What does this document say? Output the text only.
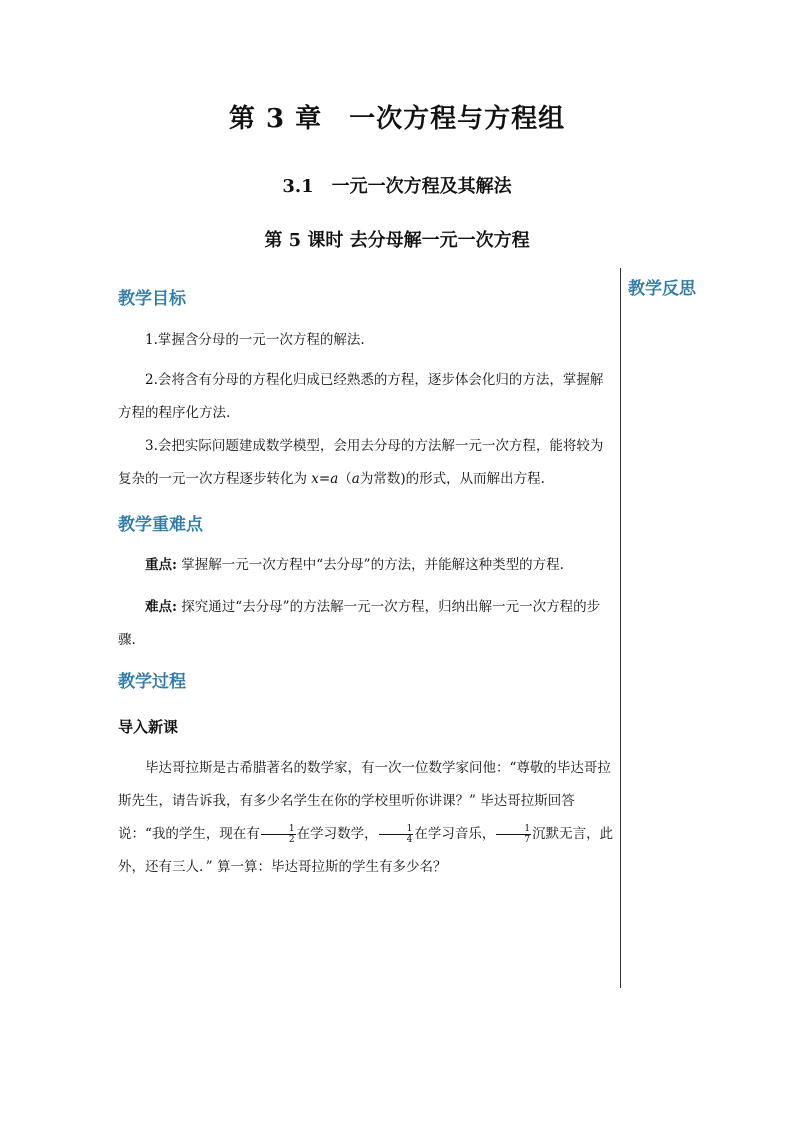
第 3 章　一次方程与方程组
3.1　一元一次方程及其解法
第 5 课时 去分母解一元一次方程
教学反思
教学目标
1.掌握含分母的一元一次方程的解法.
2.会将含有分母的方程化归成已经熟悉的方程，逐步体会化归的方法，掌握解方程的程序化方法.
3.会把实际问题建成数学模型，会用去分母的方法解一元一次方程，能将较为复杂的一元一次方程逐步转化为 x=a（a为常数)的形式，从而解出方程.
教学重难点
重点: 掌握解一元一次方程中“去分母”的方法，并能解这种类型的方程.
难点: 探究通过“去分母”的方法解一元一次方程，归纳出解一元一次方程的步骤.
教学过程
导入新课
毕达哥拉斯是古希腊著名的数学家，有一次一位数学家问他：“尊敬的毕达哥拉斯先生，请告诉我，有多少名学生在你的学校里听你讲课？” 毕达哥拉斯回答说：“我的学生，现在有 $\frac{1}{2}$ 在学习数学， $\frac{1}{4}$ 在学习音乐， $\frac{1}{7}$ 沉默无言，此外，还有三人．” 算一算：毕达哥拉斯的学生有多少名？
